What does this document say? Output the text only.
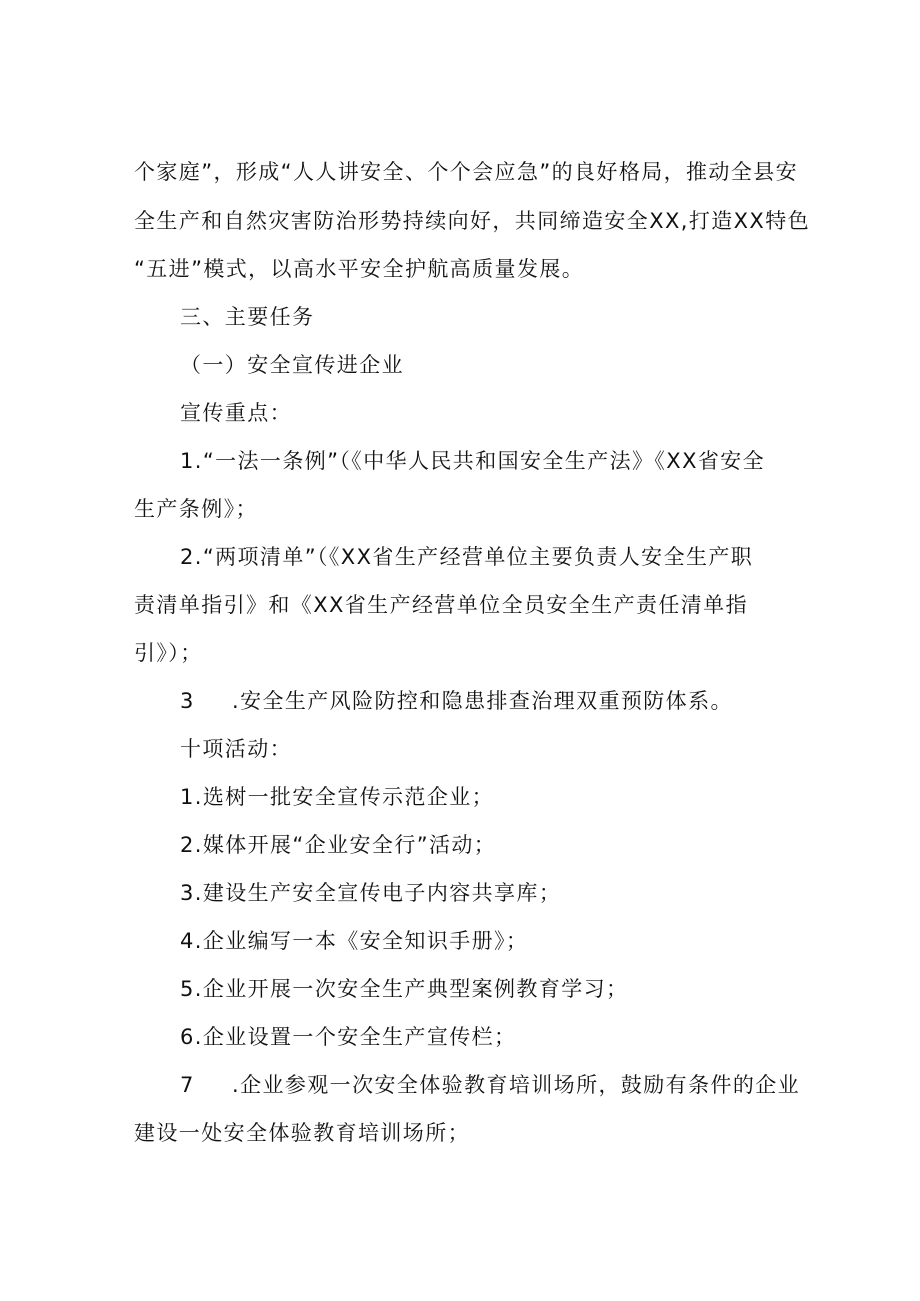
个家庭”，形成“人人讲安全、个个会应急”的良好格局，推动全县安
全生产和自然灾害防治形势持续向好，共同缔造安全XX,打造XX特色
“五进”模式，以高水平安全护航高质量发展。
三、主要任务
（一）安全宣传进企业
宣传重点：
1.“一法一条例”（《中华人民共和国安全生产法》《XX省安全
生产条例》；
2.“两项清单”（《XX省生产经营单位主要负责人安全生产职
责清单指引》和《XX省生产经营单位全员安全生产责任清单指
引》）；
3 .安全生产风险防控和隐患排查治理双重预防体系。
十项活动：
1.选树一批安全宣传示范企业；
2.媒体开展“企业安全行”活动；
3.建设生产安全宣传电子内容共享库；
4.企业编写一本《安全知识手册》；
5.企业开展一次安全生产典型案例教育学习；
6.企业设置一个安全生产宣传栏；
7 .企业参观一次安全体验教育培训场所，鼓励有条件的企业
建设一处安全体验教育培训场所；
